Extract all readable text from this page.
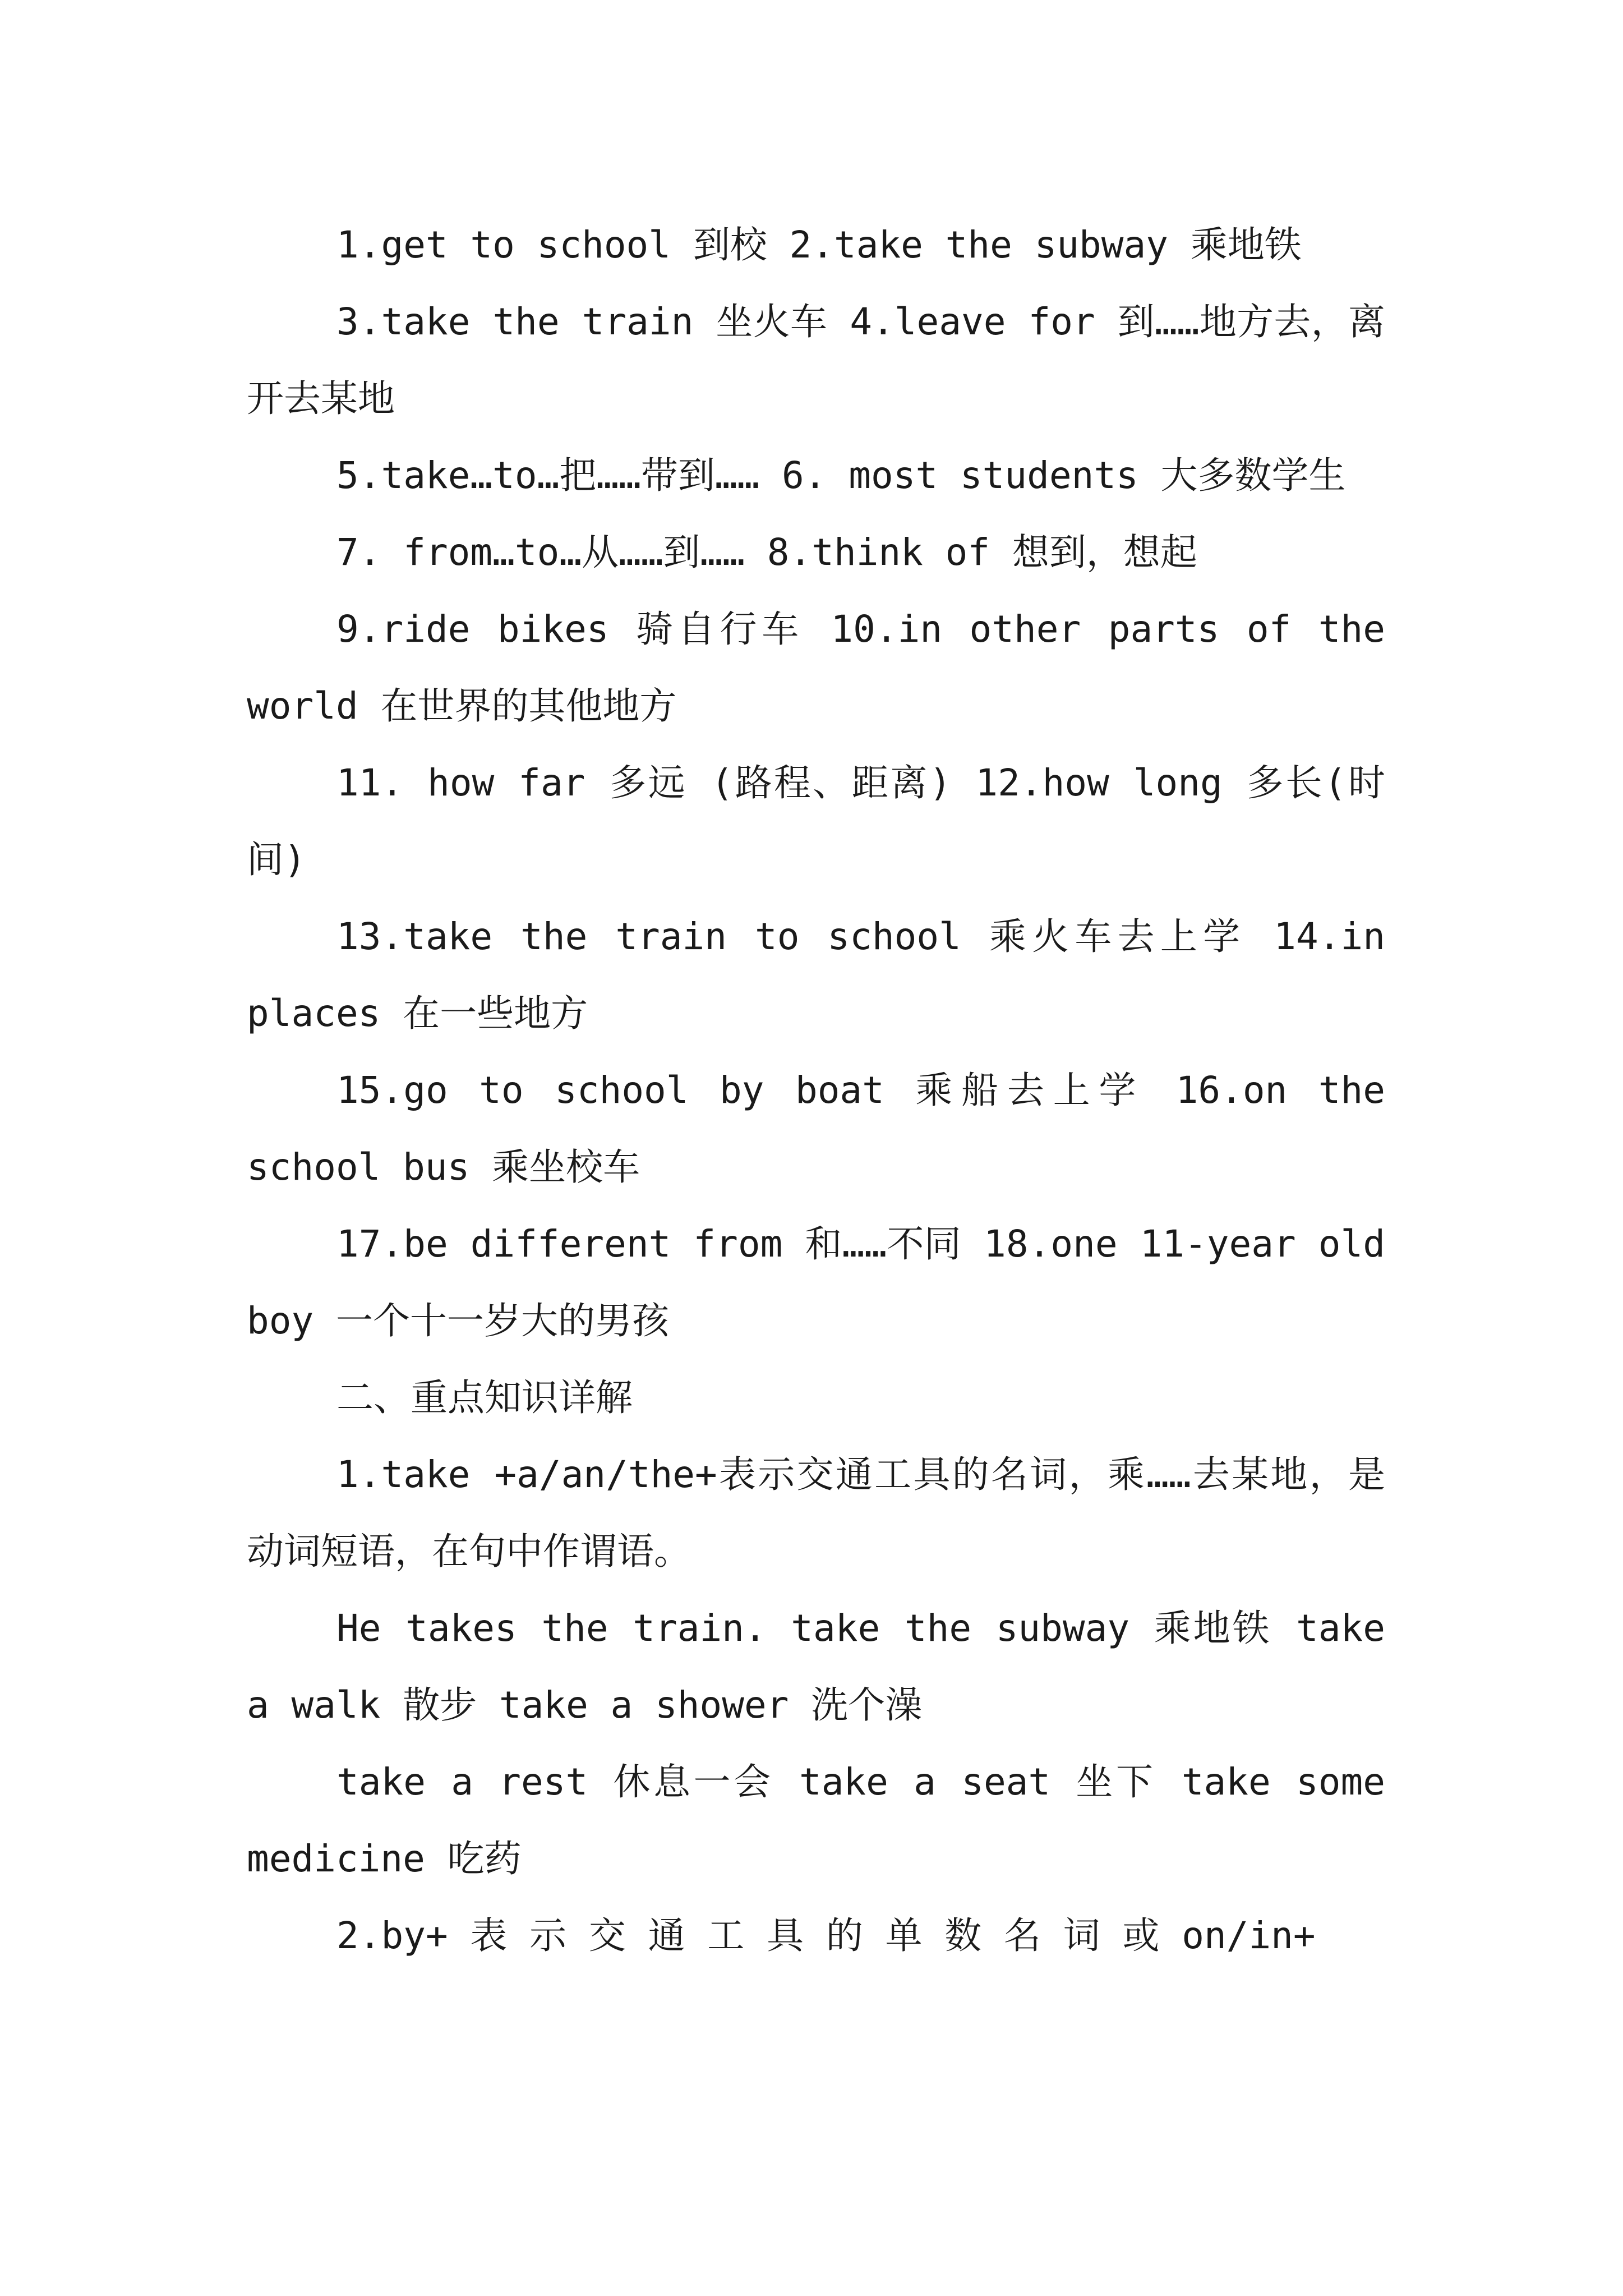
1.get to school 到校 2.take the subway 乘地铁

3.take the train 坐火车 4.leave for 到……地方去，离开去某地

5.take…to…把……带到…… 6. most students 大多数学生

7. from…to…从……到…… 8.think of 想到，想起

9.ride bikes 骑自行车 10.in other parts of the world 在世界的其他地方

11. how far 多远 (路程、距离) 12.how long 多长(时间)

13.take the train to school 乘火车去上学 14.in places 在一些地方

15.go to school by boat 乘船去上学 16.on the school bus 乘坐校车

17.be different from 和……不同 18.one 11-year old boy 一个十一岁大的男孩

二、重点知识详解

1.take +a/an/the+表示交通工具的名词，乘……去某地，是动词短语，在句中作谓语。

He takes the train. take the subway 乘地铁 take a walk 散步 take a shower 洗个澡

take a rest 休息一会 take a seat 坐下 take some medicine 吃药

2.by+ 表 示 交 通 工 具 的 单 数 名 词 或 on/in+
